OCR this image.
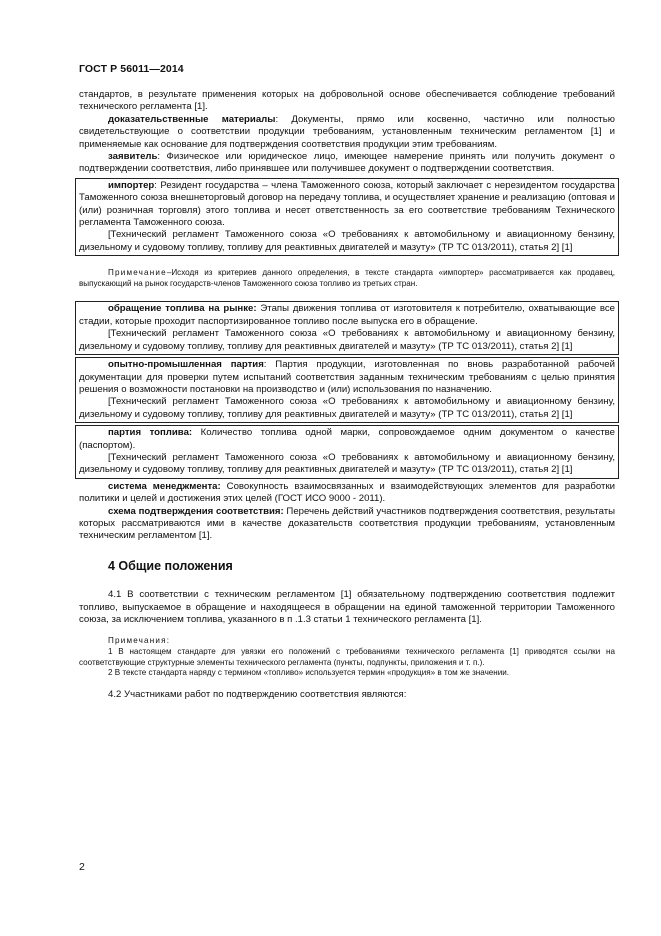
ГОСТ Р 56011—2014

стандартов, в результате применения которых на добровольной основе обеспечивается соблюдение требований технического регламента [1].

доказательственные материалы: Документы, прямо или косвенно, частично или полностью свидетельствующие о соответствии продукции требованиям, установленным техническим регламентом [1] и применяемые как основание для подтверждения соответствия продукции этим требованиям.

заявитель: Физическое или юридическое лицо, имеющее намерение принять или получить документ о подтверждении соответствия, либо принявшее или получившее документ о подтверждении соответствия.

импортер: Резидент государства – члена Таможенного союза, который заключает с нерезидентом государства Таможенного союза внешнеторговый договор на передачу топлива, и осуществляет хранение и реализацию (оптовая и (или) розничная торговля) этого топлива и несет ответственность за его соответствие требованиям Технического регламента Таможенного союза.

[Технический регламент Таможенного союза «О требованиях к автомобильному и авиационному бензину, дизельному и судовому топливу, топливу для реактивных двигателей и мазуту» (ТР ТС 013/2011), статья 2] [1]

Примечание–Исходя из критериев данного определения, в тексте стандарта «импортер» рассматривается как продавец, выпускающий на рынок государств-членов Таможенного союза топливо из третьих стран.

обращение топлива на рынке: Этапы движения топлива от изготовителя к потребителю, охватывающие все стадии, которые проходит паспортизированное топливо после выпуска его в обращение.

[Технический регламент Таможенного союза «О требованиях к автомобильному и авиационному бензину, дизельному и судовому топливу, топливу для реактивных двигателей и мазуту» (ТР ТС 013/2011), статья 2] [1]

опытно-промышленная партия: Партия продукции, изготовленная по вновь разработанной рабочей документации для проверки путем испытаний соответствия заданным техническим требованиям с целью принятия решения о возможности постановки на производство и (или) использования по назначению.

[Технический регламент Таможенного союза «О требованиях к автомобильному и авиационному бензину, дизельному и судовому топливу, топливу для реактивных двигателей и мазуту» (ТР ТС 013/2011), статья 2] [1]

партия топлива: Количество топлива одной марки, сопровождаемое одним документом о качестве (паспортом).

[Технический регламент Таможенного союза «О требованиях к автомобильному и авиационному бензину, дизельному и судовому топливу, топливу для реактивных двигателей и мазуту» (ТР ТС 013/2011), статья 2] [1]

система менеджмента: Совокупность взаимосвязанных и взаимодействующих элементов для разработки политики и целей и достижения этих целей (ГОСТ ИСО 9000 - 2011).

схема подтверждения соответствия: Перечень действий участников подтверждения соответствия, результаты которых рассматриваются ими в качестве доказательств соответствия продукции требованиям, установленным техническим регламентом [1].

4 Общие положения

4.1 В соответствии с техническим регламентом [1] обязательному подтверждению соответствия подлежит топливо, выпускаемое в обращение и находящееся в обращении на единой таможенной территории Таможенного союза, за исключением топлива, указанного в п .1.3 статьи 1 технического регламента [1].

Примечания:

1 В настоящем стандарте для увязки его положений с требованиями технического регламента [1] приводятся ссылки на соответствующие структурные элементы технического регламента (пункты, подпункты, приложения и т. п.).

2 В тексте стандарта наряду с термином «топливо» используется термин «продукция» в том же значении.

4.2 Участниками работ по подтверждению соответствия являются:

2
